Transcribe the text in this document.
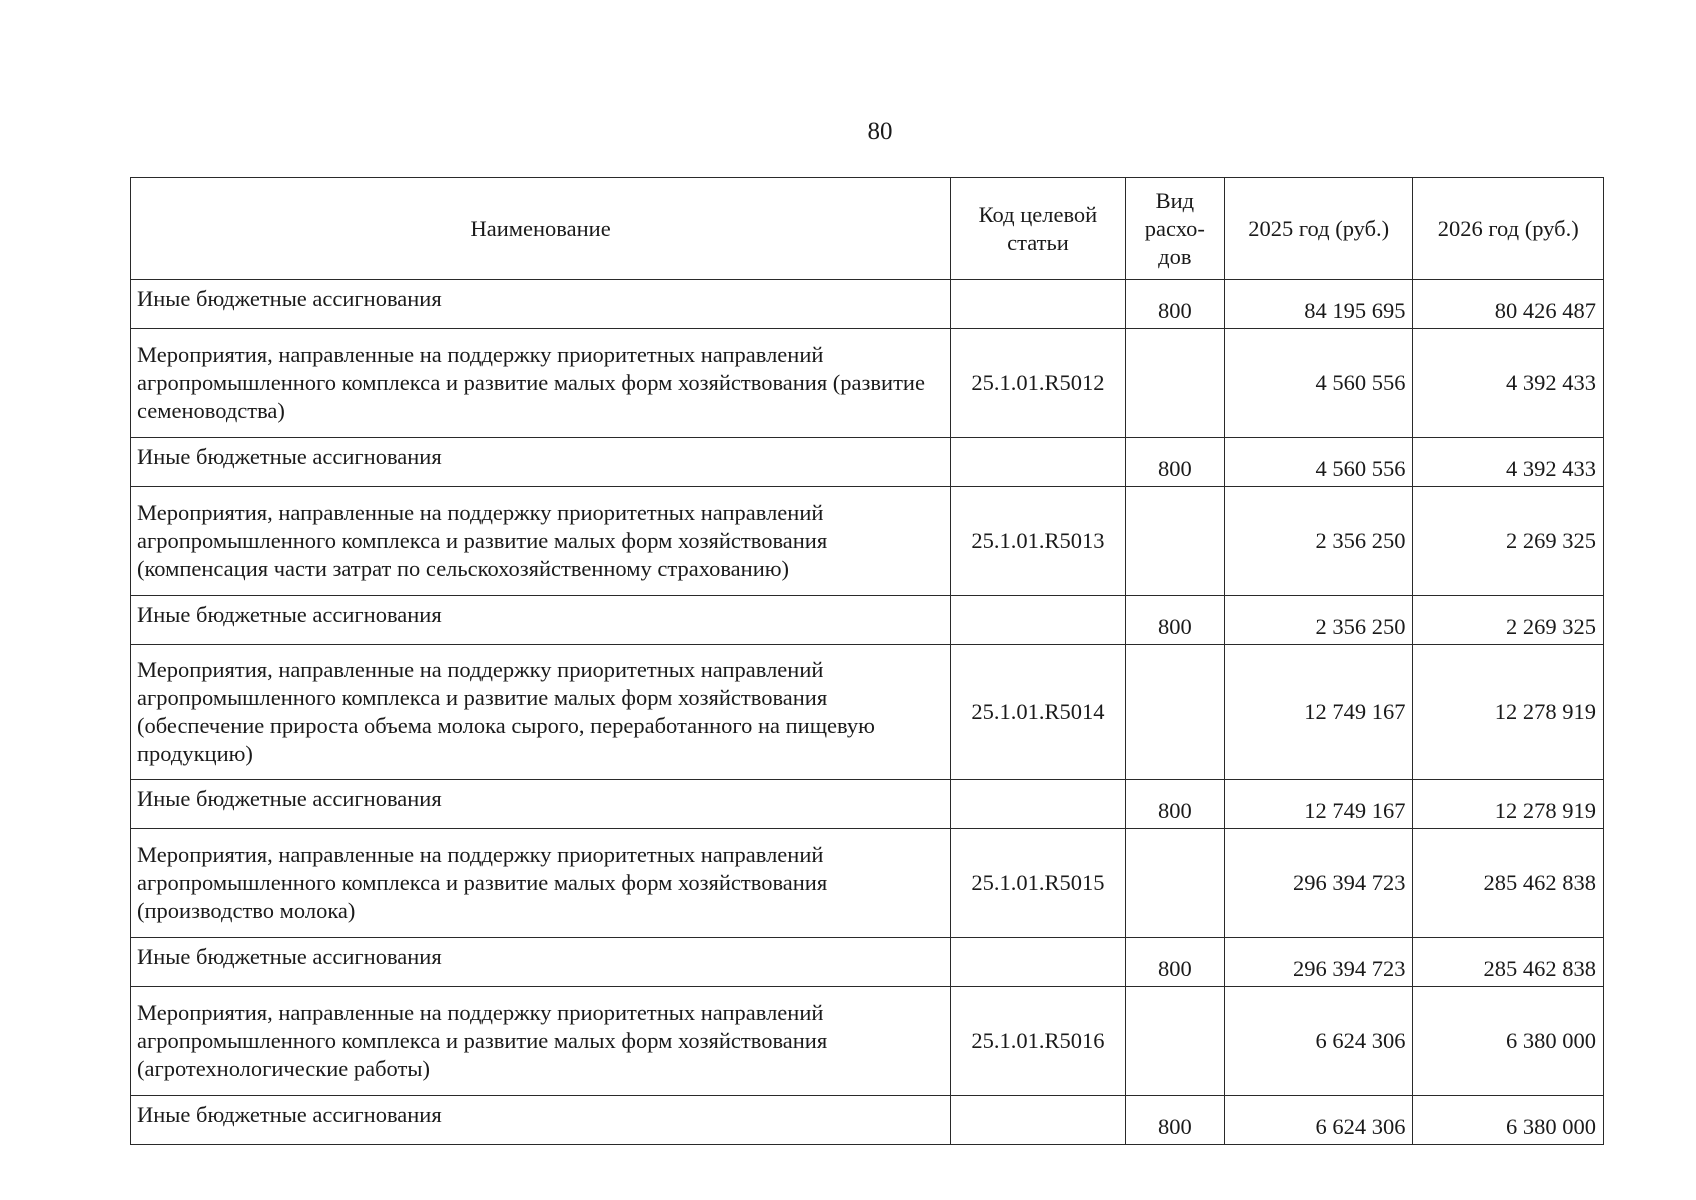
80
Наименование	Код целевой статьи	Вид расхо- дов	2025 год (руб.)	2026 год (руб.)
Иные бюджетные ассигнования		800	84 195 695	80 426 487
Мероприятия, направленные на поддержку приоритетных направлений агропромышленного комплекса и развитие малых форм хозяйствования (развитие семеноводства)	25.1.01.R5012		4 560 556	4 392 433
Иные бюджетные ассигнования		800	4 560 556	4 392 433
Мероприятия, направленные на поддержку приоритетных направлений агропромышленного комплекса и развитие малых форм хозяйствования (компенсация части затрат по сельскохозяйственному страхованию)	25.1.01.R5013		2 356 250	2 269 325
Иные бюджетные ассигнования		800	2 356 250	2 269 325
Мероприятия, направленные на поддержку приоритетных направлений агропромышленного комплекса и развитие малых форм хозяйствования (обеспечение прироста объема молока сырого, переработанного на пищевую продукцию)	25.1.01.R5014		12 749 167	12 278 919
Иные бюджетные ассигнования		800	12 749 167	12 278 919
Мероприятия, направленные на поддержку приоритетных направлений агропромышленного комплекса и развитие малых форм хозяйствования (производство молока)	25.1.01.R5015		296 394 723	285 462 838
Иные бюджетные ассигнования		800	296 394 723	285 462 838
Мероприятия, направленные на поддержку приоритетных направлений агропромышленного комплекса и развитие малых форм хозяйствования (агротехнологические работы)	25.1.01.R5016		6 624 306	6 380 000
Иные бюджетные ассигнования		800	6 624 306	6 380 000
